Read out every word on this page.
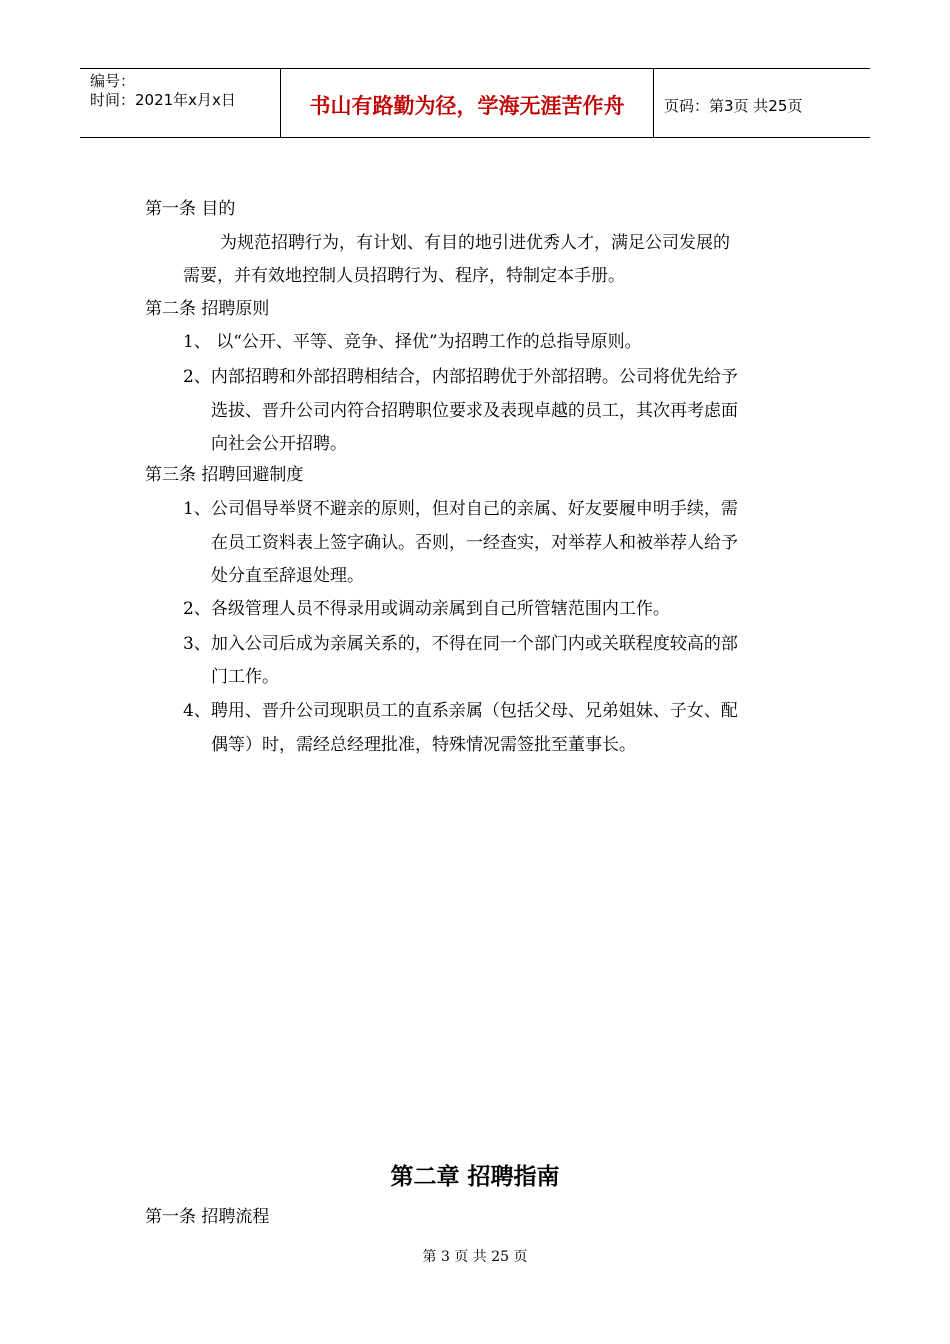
编号：
时间：2021年x月x日	书山有路勤为径，学海无涯苦作舟	页码：第3页 共25页
第一条 目的
为规范招聘行为，有计划、有目的地引进优秀人才，满足公司发展的
需要，并有效地控制人员招聘行为、程序，特制定本手册。
第二条 招聘原则
1、 以“公开、平等、竞争、择优”为招聘工作的总指导原则。
2、内部招聘和外部招聘相结合，内部招聘优于外部招聘。公司将优先给予
选拔、晋升公司内符合招聘职位要求及表现卓越的员工，其次再考虑面
向社会公开招聘。
第三条 招聘回避制度
1、公司倡导举贤不避亲的原则，但对自己的亲属、好友要履申明手续，需
在员工资料表上签字确认。否则，一经查实，对举荐人和被举荐人给予
处分直至辞退处理。
2、各级管理人员不得录用或调动亲属到自己所管辖范围内工作。
3、加入公司后成为亲属关系的，不得在同一个部门内或关联程度较高的部
门工作。
4、聘用、晋升公司现职员工的直系亲属（包括父母、兄弟姐妹、子女、配
偶等）时，需经总经理批准，特殊情况需签批至董事长。
第二章 招聘指南
第一条 招聘流程
第 3 页 共 25 页
